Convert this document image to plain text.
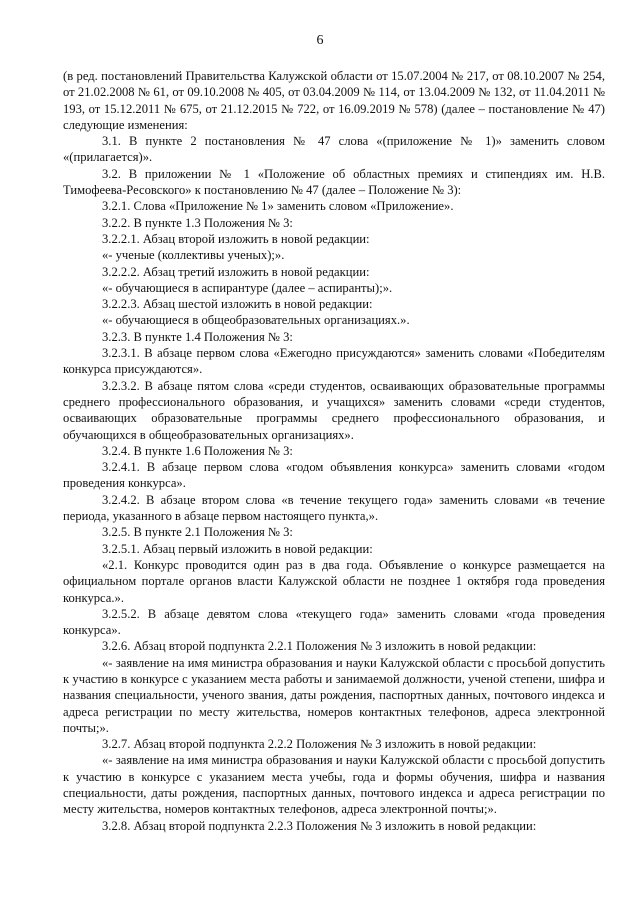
6

(в ред. постановлений Правительства Калужской области от 15.07.2004 № 217, от 08.10.2007 № 254, от 21.02.2008 № 61, от 09.10.2008 № 405, от 03.04.2009 № 114, от 13.04.2009 № 132, от 11.04.2011 № 193, от 15.12.2011 № 675, от 21.12.2015 № 722, от 16.09.2019 № 578) (далее – постановление № 47) следующие изменения:

3.1. В пункте 2 постановления № 47 слова «(приложение № 1)» заменить словом «(прилагается)».

3.2. В приложении № 1 «Положение об областных премиях и стипендиях им. Н.В. Тимофеева-Ресовского» к постановлению № 47 (далее – Положение № 3):

3.2.1. Слова «Приложение № 1» заменить словом «Приложение».

3.2.2. В пункте 1.3 Положения № 3:

3.2.2.1. Абзац второй изложить в новой редакции:

«- ученые (коллективы ученых);».

3.2.2.2. Абзац третий изложить в новой редакции:

«- обучающиеся в аспирантуре (далее – аспиранты);».

3.2.2.3. Абзац шестой изложить в новой редакции:

«- обучающиеся в общеобразовательных организациях.».

3.2.3. В пункте 1.4 Положения № 3:

3.2.3.1. В абзаце первом слова «Ежегодно присуждаются» заменить словами «Победителям конкурса присуждаются».

3.2.3.2. В абзаце пятом слова «среди студентов, осваивающих образовательные программы среднего профессионального образования, и учащихся» заменить словами «среди студентов, осваивающих образовательные программы среднего профессионального образования, и обучающихся в общеобразовательных организациях».

3.2.4. В пункте 1.6 Положения № 3:

3.2.4.1. В абзаце первом слова «годом объявления конкурса» заменить словами «годом проведения конкурса».

3.2.4.2. В абзаце втором слова «в течение текущего года» заменить словами «в течение периода, указанного в абзаце первом настоящего пункта,».

3.2.5. В пункте 2.1 Положения № 3:

3.2.5.1. Абзац первый изложить в новой редакции:

«2.1. Конкурс проводится один раз в два года. Объявление о конкурсе размещается на официальном портале органов власти Калужской области не позднее 1 октября года проведения конкурса.».

3.2.5.2. В абзаце девятом слова «текущего года» заменить словами «года проведения конкурса».

3.2.6. Абзац второй подпункта 2.2.1 Положения № 3 изложить в новой редакции:

«- заявление на имя министра образования и науки Калужской области с просьбой допустить к участию в конкурсе с указанием места работы и занимаемой должности, ученой степени, шифра и названия специальности, ученого звания, даты рождения, паспортных данных, почтового индекса и адреса регистрации по месту жительства, номеров контактных телефонов, адреса электронной почты;».

3.2.7. Абзац второй подпункта 2.2.2 Положения № 3 изложить в новой редакции:

«- заявление на имя министра образования и науки Калужской области с просьбой допустить к участию в конкурсе с указанием места учебы, года и формы обучения, шифра и названия специальности, даты рождения, паспортных данных, почтового индекса и адреса регистрации по месту жительства, номеров контактных телефонов, адреса электронной почты;».

3.2.8. Абзац второй подпункта 2.2.3 Положения № 3 изложить в новой редакции:
